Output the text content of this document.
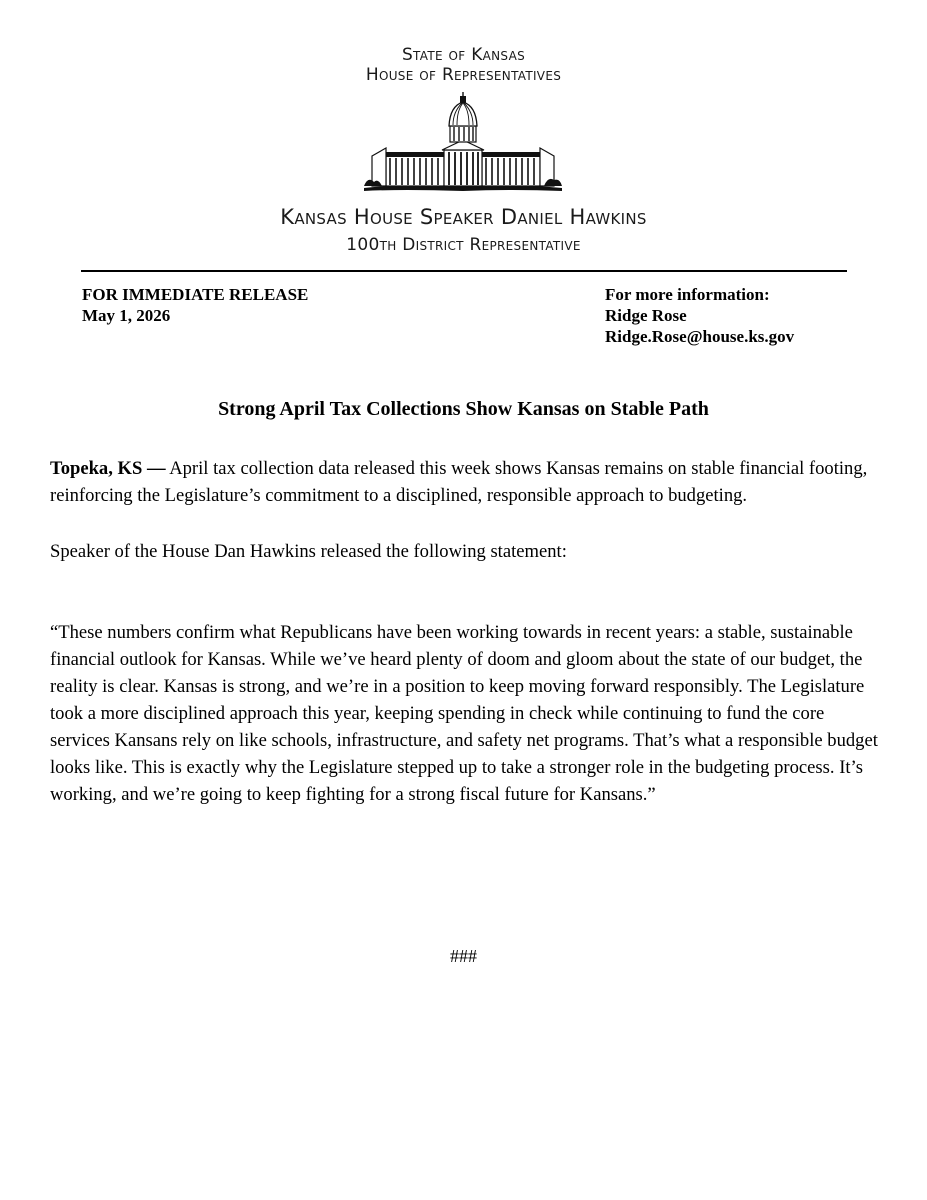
State of Kansas
House of Representatives
Kansas House Speaker Daniel Hawkins
100th District Representative
FOR IMMEDIATE RELEASE
May 1, 2026
For more information:
Ridge Rose
Ridge.Rose@house.ks.gov
Strong April Tax Collections Show Kansas on Stable Path
Topeka, KS — April tax collection data released this week shows Kansas remains on stable financial footing, reinforcing the Legislature’s commitment to a disciplined, responsible approach to budgeting.
Speaker of the House Dan Hawkins released the following statement:
“These numbers confirm what Republicans have been working towards in recent years: a stable, sustainable financial outlook for Kansas. While we’ve heard plenty of doom and gloom about the state of our budget, the reality is clear. Kansas is strong, and we’re in a position to keep moving forward responsibly. The Legislature took a more disciplined approach this year, keeping spending in check while continuing to fund the core services Kansans rely on like schools, infrastructure, and safety net programs. That’s what a responsible budget looks like. This is exactly why the Legislature stepped up to take a stronger role in the budgeting process. It’s working, and we’re going to keep fighting for a strong fiscal future for Kansans.”
###
